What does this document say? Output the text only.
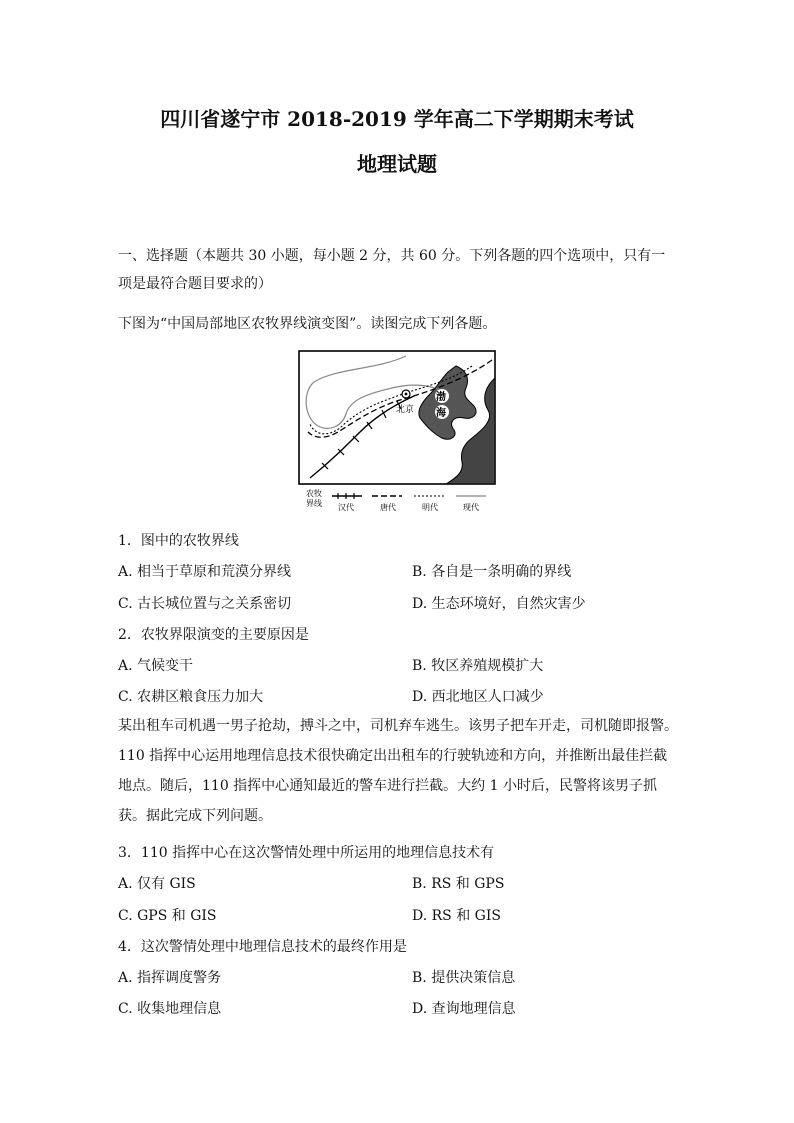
四川省遂宁市 2018-2019 学年高二下学期期末考试
地理试题
一、选择题（本题共 30 小题，每小题 2 分，共 60 分。下列各题的四个选项中，只有一项是最符合题目要求的）
下图为“中国局部地区农牧界线演变图”。读图完成下列各题。
北京
渤
海
农牧
界线 汉代	唐代	明代	现代
1．图中的农牧界线
A. 相当于草原和荒漠分界线	B. 各自是一条明确的界线
C. 古长城位置与之关系密切	D. 生态环境好，自然灾害少
2．农牧界限演变的主要原因是
A. 气候变干	B. 牧区养殖规模扩大
C. 农耕区粮食压力加大	D. 西北地区人口减少
某出租车司机遇一男子抢劫，搏斗之中，司机弃车逃生。该男子把车开走，司机随即报警。110 指挥中心运用地理信息技术很快确定出出租车的行驶轨迹和方向，并推断出最佳拦截地点。随后，110 指挥中心通知最近的警车进行拦截。大约 1 小时后，民警将该男子抓获。据此完成下列问题。
3．110 指挥中心在这次警情处理中所运用的地理信息技术有
A. 仅有 GIS	B. RS 和 GPS
C. GPS 和 GIS	D. RS 和 GIS
4．这次警情处理中地理信息技术的最终作用是
A. 指挥调度警务	B. 提供决策信息
C. 收集地理信息	D. 查询地理信息
